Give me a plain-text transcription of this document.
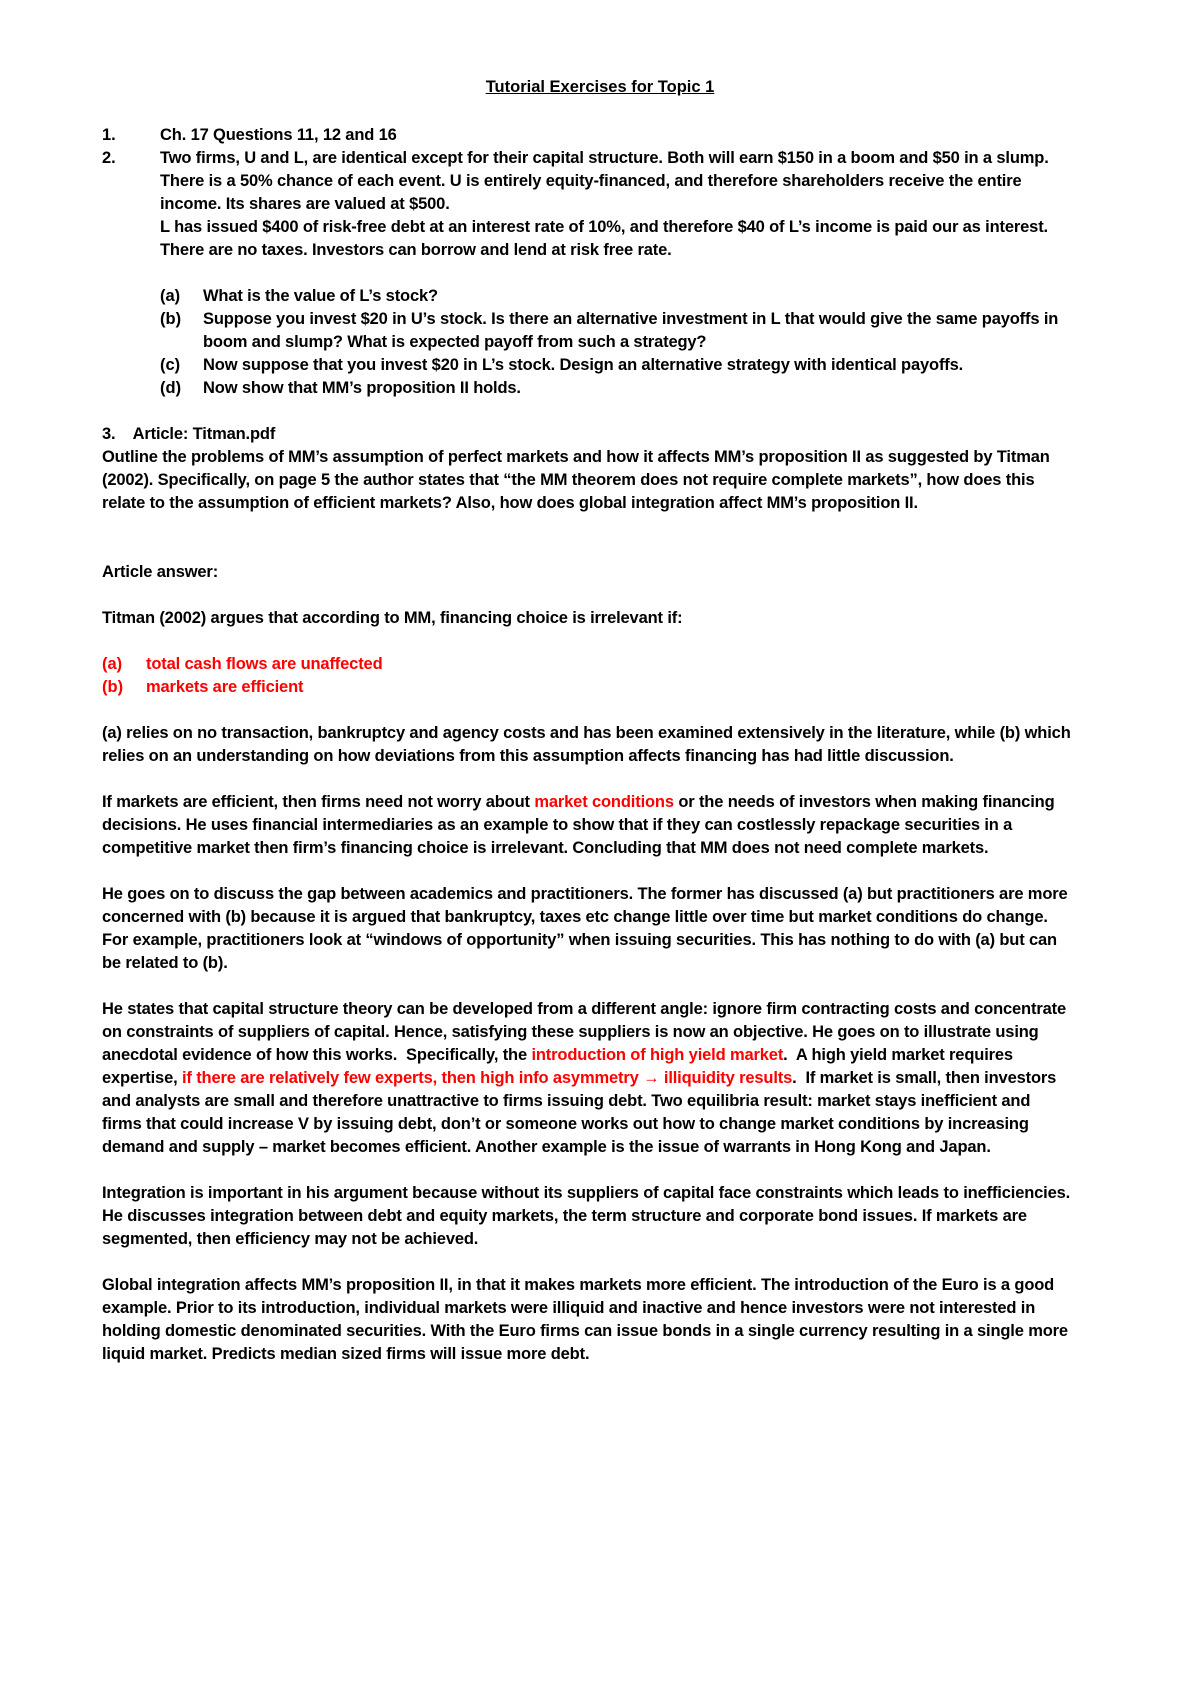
Tutorial Exercises for Topic 1
1.	Ch. 17 Questions 11, 12 and 16
2.	Two firms, U and L, are identical except for their capital structure. Both will earn $150 in a boom and $50 in a slump.
There is a 50% chance of each event. U is entirely equity-financed, and therefore shareholders receive the entire
income. Its shares are valued at $500.
L has issued $400 of risk-free debt at an interest rate of 10%, and therefore $40 of L’s income is paid our as interest.
There are no taxes. Investors can borrow and lend at risk free rate.
(a) What is the value of L’s stock?
(b) Suppose you invest $20 in U’s stock. Is there an alternative investment in L that would give the same payoffs in
boom and slump? What is expected payoff from such a strategy?
(c) Now suppose that you invest $20 in L’s stock. Design an alternative strategy with identical payoffs.
(d) Now show that MM’s proposition II holds.
3.    Article: Titman.pdf
Outline the problems of MM’s assumption of perfect markets and how it affects MM’s proposition II as suggested by Titman
(2002). Specifically, on page 5 the author states that “the MM theorem does not require complete markets”, how does this
relate to the assumption of efficient markets? Also, how does global integration affect MM’s proposition II.
Article answer:
Titman (2002) argues that according to MM, financing choice is irrelevant if:
(a) total cash flows are unaffected
(b) markets are efficient
(a) relies on no transaction, bankruptcy and agency costs and has been examined extensively in the literature, while (b) which
relies on an understanding on how deviations from this assumption affects financing has had little discussion.
If markets are efficient, then firms need not worry about market conditions or the needs of investors when making financing
decisions. He uses financial intermediaries as an example to show that if they can costlessly repackage securities in a
competitive market then firm’s financing choice is irrelevant. Concluding that MM does not need complete markets.
He goes on to discuss the gap between academics and practitioners. The former has discussed (a) but practitioners are more
concerned with (b) because it is argued that bankruptcy, taxes etc change little over time but market conditions do change.
For example, practitioners look at “windows of opportunity” when issuing securities. This has nothing to do with (a) but can
be related to (b).
He states that capital structure theory can be developed from a different angle: ignore firm contracting costs and concentrate
on constraints of suppliers of capital. Hence, satisfying these suppliers is now an objective. He goes on to illustrate using
anecdotal evidence of how this works.  Specifically, the introduction of high yield market.  A high yield market requires
expertise, if there are relatively few experts, then high info asymmetry → illiquidity results.  If market is small, then investors
and analysts are small and therefore unattractive to firms issuing debt. Two equilibria result: market stays inefficient and
firms that could increase V by issuing debt, don’t or someone works out how to change market conditions by increasing
demand and supply – market becomes efficient. Another example is the issue of warrants in Hong Kong and Japan.
Integration is important in his argument because without its suppliers of capital face constraints which leads to inefficiencies.
He discusses integration between debt and equity markets, the term structure and corporate bond issues. If markets are
segmented, then efficiency may not be achieved.
Global integration affects MM’s proposition II, in that it makes markets more efficient. The introduction of the Euro is a good
example. Prior to its introduction, individual markets were illiquid and inactive and hence investors were not interested in
holding domestic denominated securities. With the Euro firms can issue bonds in a single currency resulting in a single more
liquid market. Predicts median sized firms will issue more debt.
